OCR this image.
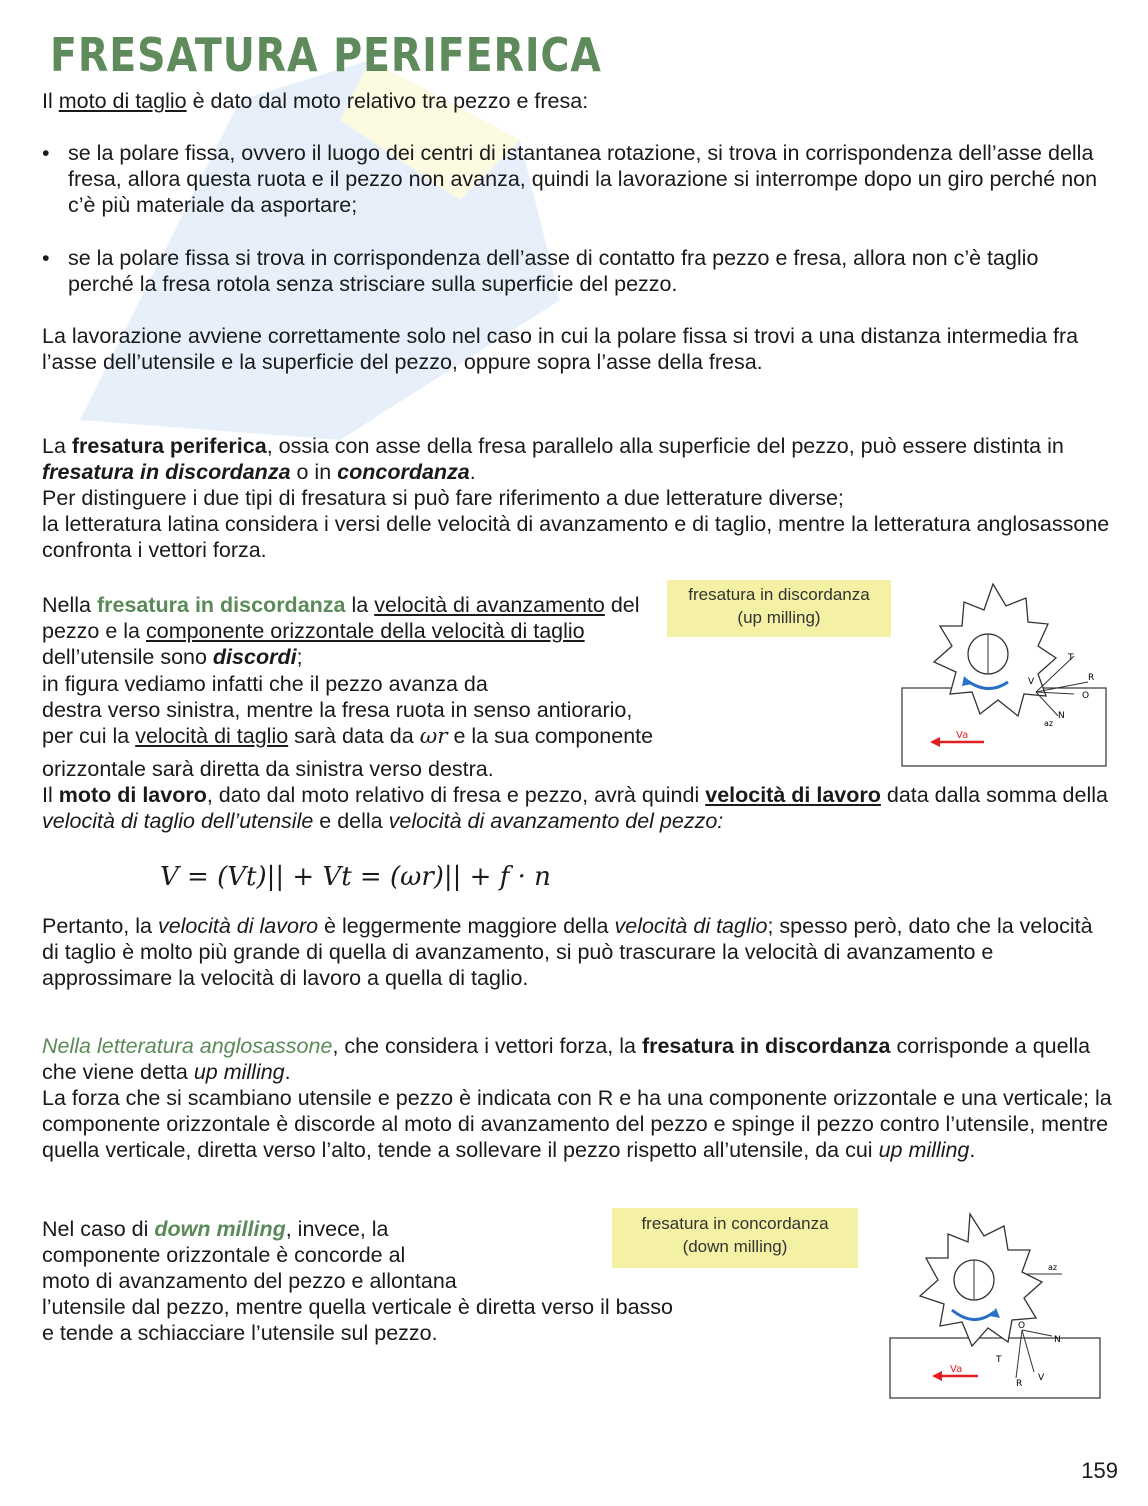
FRESATURA PERIFERICA
Il moto di taglio è dato dal moto relativo tra pezzo e fresa:
• se la polare fissa, ovvero il luogo dei centri di istantanea rotazione, si trova in corrispondenza dell’asse della fresa, allora questa ruota e il pezzo non avanza, quindi la lavorazione si interrompe dopo un giro perché non c’è più materiale da asportare;
• se la polare fissa si trova in corrispondenza dell’asse di contatto fra pezzo e fresa, allora non c’è taglio perché la fresa rotola senza strisciare sulla superficie del pezzo.
La lavorazione avviene correttamente solo nel caso in cui la polare fissa si trovi a una distanza intermedia fra l’asse dell’utensile e la superficie del pezzo, oppure sopra l’asse della fresa.
La fresatura periferica, ossia con asse della fresa parallelo alla superficie del pezzo, può essere distinta in fresatura in discordanza o in concordanza.
Per distinguere i due tipi di fresatura si può fare riferimento a due letterature diverse;
la letteratura latina considera i versi delle velocità di avanzamento e di taglio, mentre la letteratura anglosassone confronta i vettori forza.
Nella fresatura in discordanza la velocità di avanzamento del pezzo e la componente orizzontale della velocità di taglio dell’utensile sono discordi;
in figura vediamo infatti che il pezzo avanza da
destra verso sinistra, mentre la fresa ruota in senso antiorario,
per cui la velocità di taglio sarà data da ωr e la sua componente
orizzontale sarà diretta da sinistra verso destra.
fresatura in discordanza
(up milling)
T
R
O
N
V
Va
az
Il moto di lavoro, dato dal moto relativo di fresa e pezzo, avrà quindi velocità di lavoro data dalla somma della velocità di taglio dell’utensile e della velocità di avanzamento del pezzo:
V = (Vt)|| + Vt = (ωr)|| + f · n
Pertanto, la velocità di lavoro è leggermente maggiore della velocità di taglio; spesso però, dato che la velocità di taglio è molto più grande di quella di avanzamento, si può trascurare la velocità di avanzamento e approssimare la velocità di lavoro a quella di taglio.
Nella letteratura anglosassone, che considera i vettori forza, la fresatura in discordanza corrisponde a quella che viene detta up milling.
La forza che si scambiano utensile e pezzo è indicata con R e ha una componente orizzontale e una verticale; la componente orizzontale è discorde al moto di avanzamento del pezzo e spinge il pezzo contro l’utensile, mentre quella verticale, diretta verso l’alto, tende a sollevare il pezzo rispetto all’utensile, da cui up milling.
Nel caso di down milling, invece, la
componente orizzontale è concorde al
moto di avanzamento del pezzo e allontana
l’utensile dal pezzo, mentre quella verticale è diretta verso il basso
e tende a schiacciare l’utensile sul pezzo.
fresatura in concordanza
(down milling)
az
O
N
T
V
R
Va
159
